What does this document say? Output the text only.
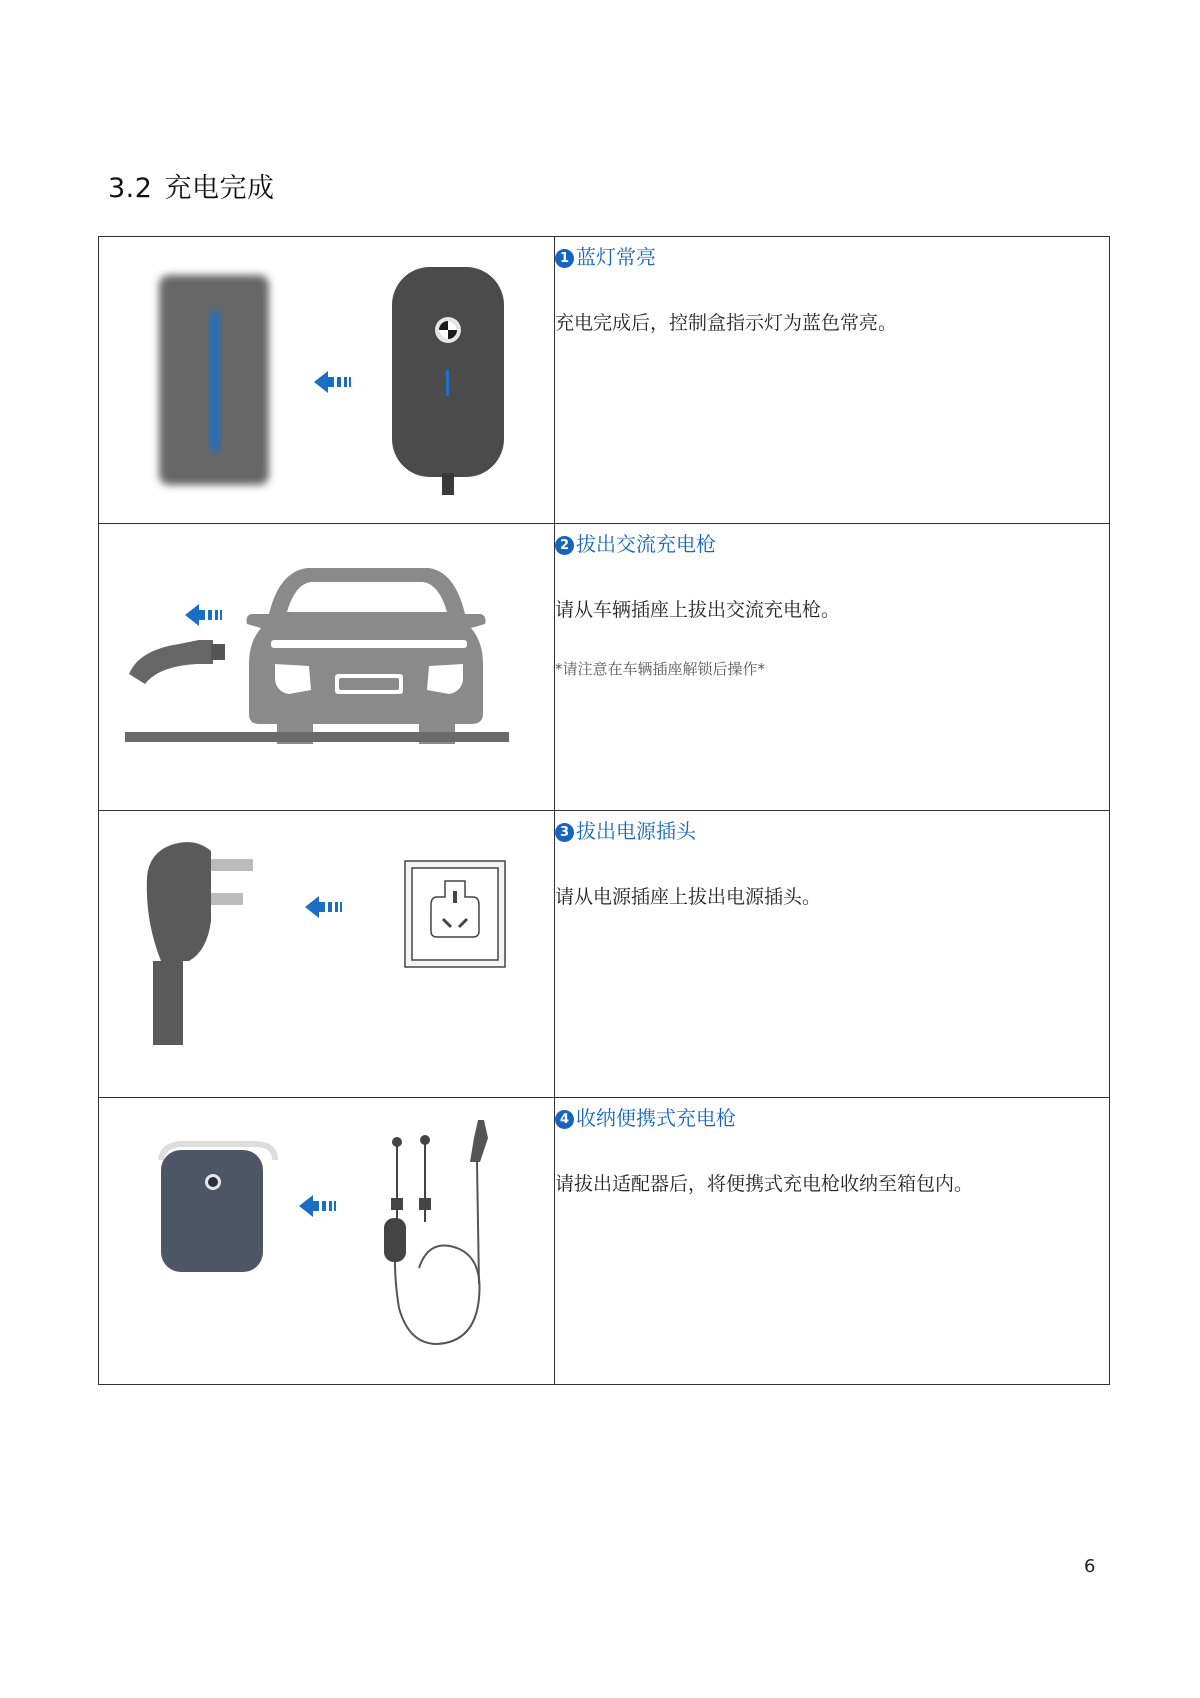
3.2 充电完成

1 蓝灯常亮
充电完成后，控制盒指示灯为蓝色常亮。

2 拔出交流充电枪
请从车辆插座上拔出交流充电枪。
*请注意在车辆插座解锁后操作*

3 拔出电源插头
请从电源插座上拔出电源插头。

4 收纳便携式充电枪
请拔出适配器后，将便携式充电枪收纳至箱包内。
6
